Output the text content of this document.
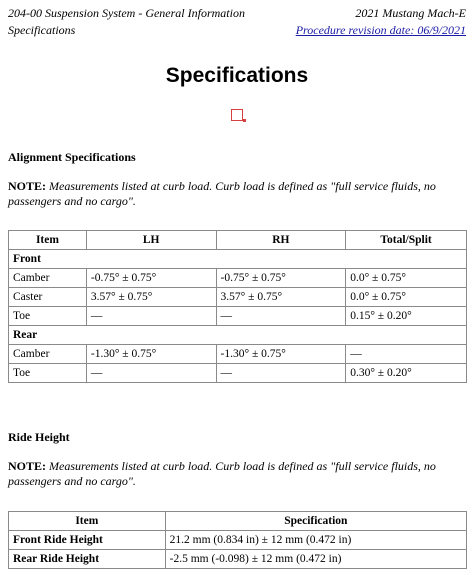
204-00 Suspension System - General Information	2021 Mustang Mach-E
Specifications	Procedure revision date: 06/9/2021
Specifications
Alignment Specifications
NOTE: Measurements listed at curb load. Curb load is defined as "full service fluids, no passengers and no cargo".
Item	LH	RH	Total/Split
Front			
Camber	-0.75° ± 0.75°	-0.75° ± 0.75°	0.0° ± 0.75°
Caster	3.57° ± 0.75°	3.57° ± 0.75°	0.0° ± 0.75°
Toe	—	—	0.15° ± 0.20°
Rear			
Camber	-1.30° ± 0.75°	-1.30° ± 0.75°	—
Toe	—	—	0.30° ± 0.20°
Ride Height
NOTE: Measurements listed at curb load. Curb load is defined as "full service fluids, no passengers and no cargo".
Item	Specification
Front Ride Height	21.2 mm (0.834 in) ± 12 mm (0.472 in)
Rear Ride Height	-2.5 mm (-0.098) ± 12 mm (0.472 in)
